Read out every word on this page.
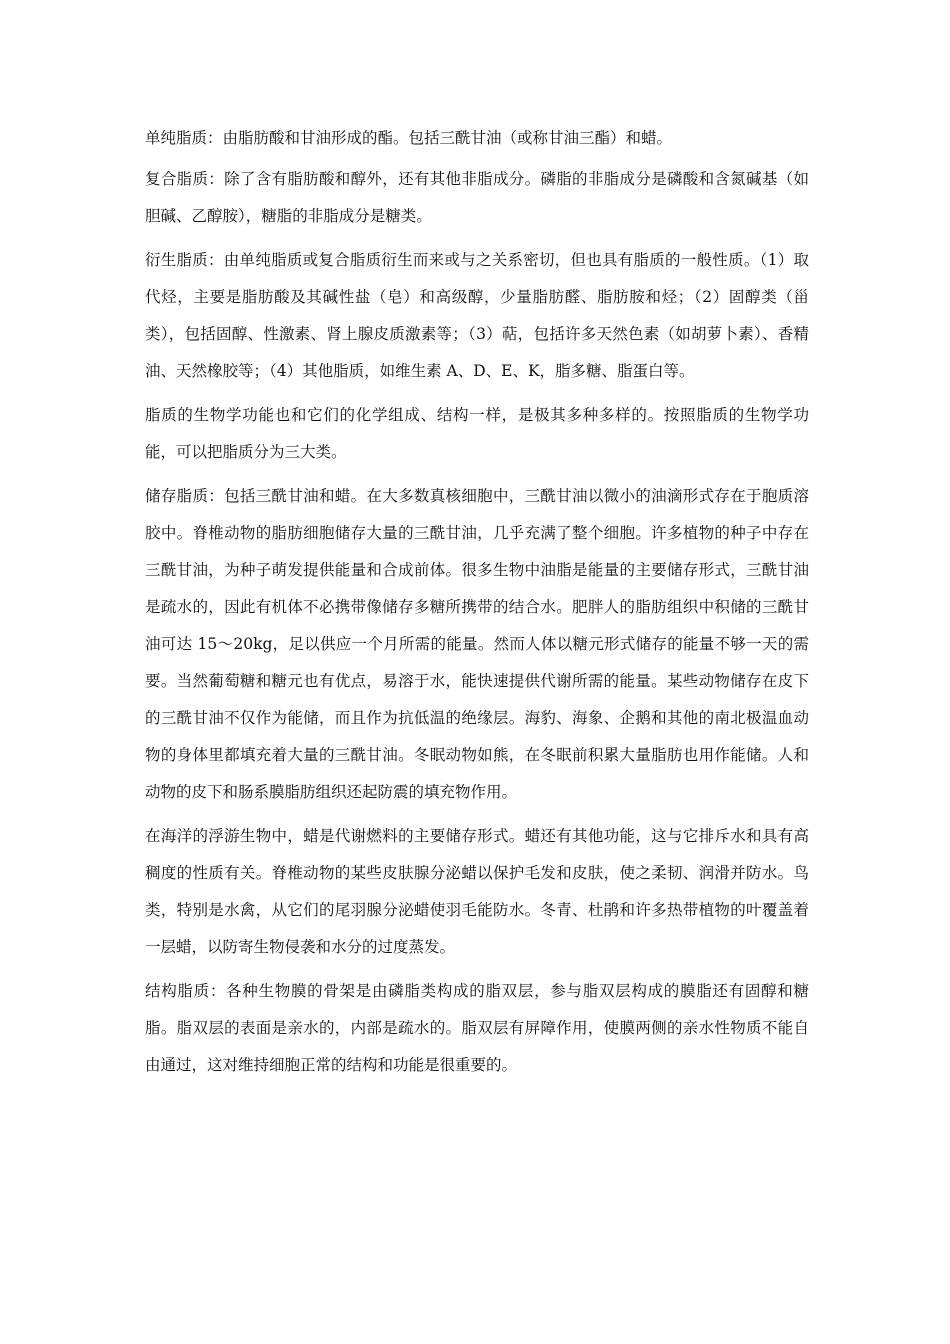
单纯脂质：由脂肪酸和甘油形成的酯。包括三酰甘油（或称甘油三酯）和蜡。

复合脂质：除了含有脂肪酸和醇外，还有其他非脂成分。磷脂的非脂成分是磷酸和含氮碱基（如胆碱、乙醇胺），糖脂的非脂成分是糖类。

衍生脂质：由单纯脂质或复合脂质衍生而来或与之关系密切，但也具有脂质的一般性质。（1）取代烃，主要是脂肪酸及其碱性盐（皂）和高级醇，少量脂肪醛、脂肪胺和烃；（2）固醇类（甾类），包括固醇、性激素、肾上腺皮质激素等；（3）萜，包括许多天然色素（如胡萝卜素）、香精油、天然橡胶等；（4）其他脂质，如维生素 A、D、E、K，脂多糖、脂蛋白等。

脂质的生物学功能也和它们的化学组成、结构一样，是极其多种多样的。按照脂质的生物学功能，可以把脂质分为三大类。

储存脂质：包括三酰甘油和蜡。在大多数真核细胞中，三酰甘油以微小的油滴形式存在于胞质溶胶中。脊椎动物的脂肪细胞储存大量的三酰甘油，几乎充满了整个细胞。许多植物的种子中存在三酰甘油，为种子萌发提供能量和合成前体。很多生物中油脂是能量的主要储存形式，三酰甘油是疏水的，因此有机体不必携带像储存多糖所携带的结合水。肥胖人的脂肪组织中积储的三酰甘油可达 15～20kg，足以供应一个月所需的能量。然而人体以糖元形式储存的能量不够一天的需要。当然葡萄糖和糖元也有优点，易溶于水，能快速提供代谢所需的能量。某些动物储存在皮下的三酰甘油不仅作为能储，而且作为抗低温的绝缘层。海豹、海象、企鹅和其他的南北极温血动物的身体里都填充着大量的三酰甘油。冬眠动物如熊，在冬眠前积累大量脂肪也用作能储。人和动物的皮下和肠系膜脂肪组织还起防震的填充物作用。

在海洋的浮游生物中，蜡是代谢燃料的主要储存形式。蜡还有其他功能，这与它排斥水和具有高稠度的性质有关。脊椎动物的某些皮肤腺分泌蜡以保护毛发和皮肤，使之柔韧、润滑并防水。鸟类，特别是水禽，从它们的尾羽腺分泌蜡使羽毛能防水。冬青、杜鹃和许多热带植物的叶覆盖着一层蜡，以防寄生物侵袭和水分的过度蒸发。

结构脂质：各种生物膜的骨架是由磷脂类构成的脂双层，参与脂双层构成的膜脂还有固醇和糖脂。脂双层的表面是亲水的，内部是疏水的。脂双层有屏障作用，使膜两侧的亲水性物质不能自由通过，这对维持细胞正常的结构和功能是很重要的。
